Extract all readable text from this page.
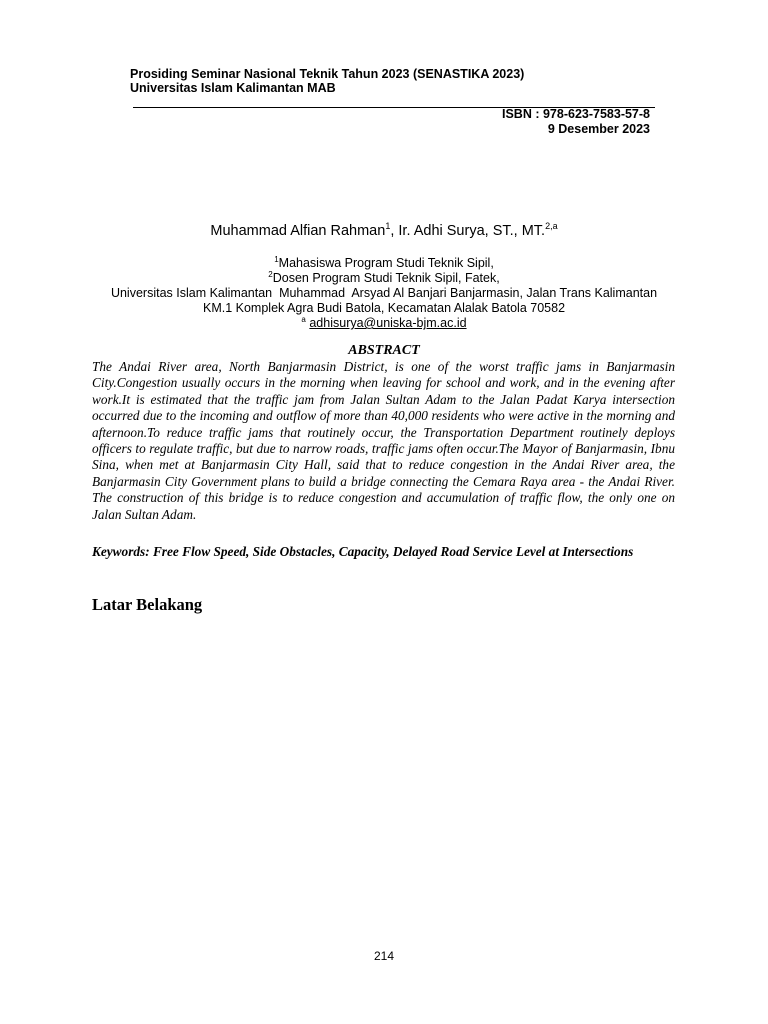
Prosiding Seminar Nasional Teknik Tahun 2023 (SENASTIKA 2023) Universitas Islam Kalimantan MAB
ISBN : 978-623-7583-57-8
9 Desember 2023
Muhammad Alfian Rahman$^1$, Ir. Adhi Surya, ST., MT.$^{2,a}$
$^1$Mahasiswa Program Studi Teknik Sipil,
$^2$Dosen Program Studi Teknik Sipil, Fatek,
Universitas Islam Kalimantan  Muhammad  Arsyad Al Banjari Banjarmasin, Jalan Trans Kalimantan
KM.1 Komplek Agra Budi Batola, Kecamatan Alalak Batola 70582
$^a$ adhisurya@uniska-bjm.ac.id
ABSTRACT

The Andai River area, North Banjarmasin District, is one of the worst traffic jams in Banjarmasin City.Congestion usually occurs in the morning when leaving for school and work, and in the evening after work.It is estimated that the traffic jam from Jalan Sultan Adam to the Jalan Padat Karya intersection occurred due to the incoming and outflow of more than 40,000 residents who were active in the morning and afternoon.To reduce traffic jams that routinely occur, the Transportation Department routinely deploys officers to regulate traffic, but due to narrow roads, traffic jams often occur.The Mayor of Banjarmasin, Ibnu Sina, when met at Banjarmasin City Hall, said that to reduce congestion in the Andai River area, the Banjarmasin City Government plans to build a bridge connecting the Cemara Raya area - the Andai River. The construction of this bridge is to reduce congestion and accumulation of traffic flow, the only one on Jalan Sultan Adam.

Keywords: Free Flow Speed, Side Obstacles, Capacity, Delayed Road Service Level at Intersections

Latar Belakang
214
